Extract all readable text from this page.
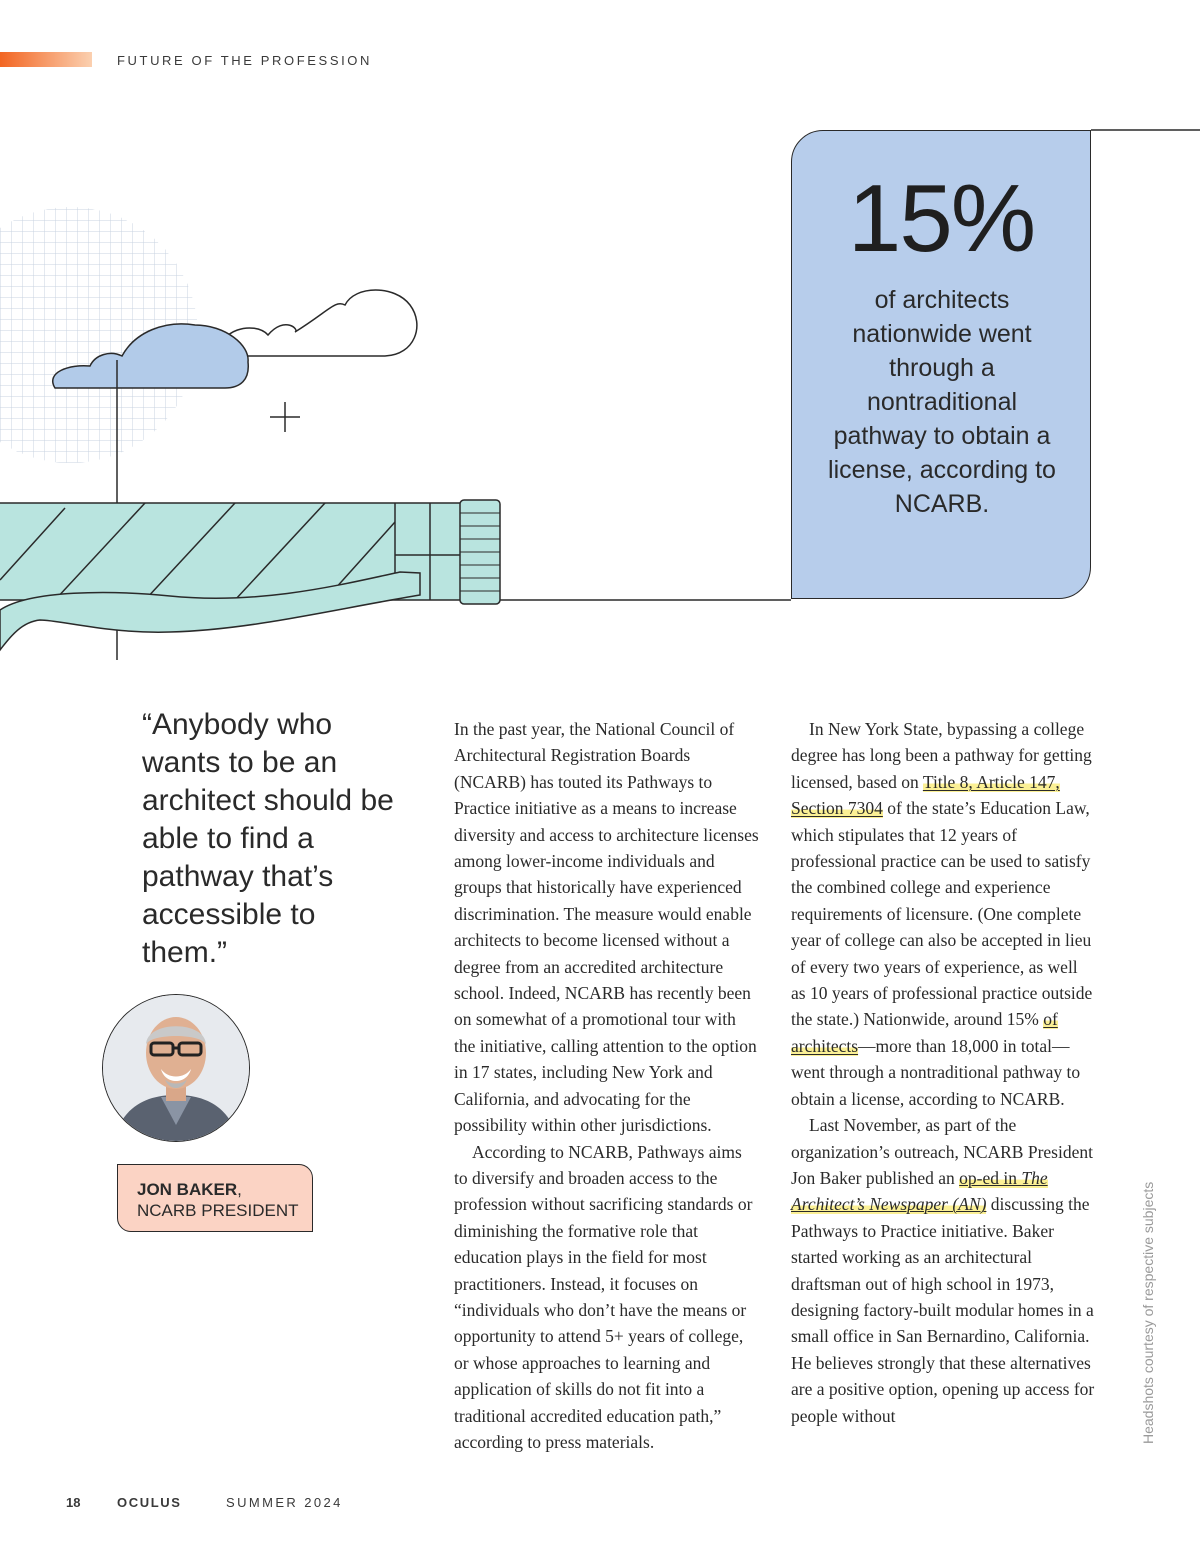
FUTURE OF THE PROFESSION
15%
of architects nationwide went through a nontraditional pathway to obtain a license, according to NCARB.
“Anybody who wants to be an architect should be able to find a pathway that’s accessible to them.”
JON BAKER,
NCARB PRESIDENT

In the past year, the National Council of Architectural Registration Boards (NCARB) has touted its Pathways to Practice initiative as a means to increase diversity and access to architecture licenses among lower-income individuals and groups that historically have experienced discrimination. The measure would enable architects to become licensed without a degree from an accredited architecture school. Indeed, NCARB has recently been on somewhat of a promotional tour with the initiative, calling attention to the option in 17 states, including New York and California, and advocating for the possibility within other jurisdictions.

According to NCARB, Pathways aims to diversify and broaden access to the profession without sacrificing standards or diminishing the formative role that education plays in the field for most practitioners. Instead, it focuses on “individuals who don’t have the means or opportunity to attend 5+ years of college, or whose approaches to learning and application of skills do not fit into a traditional accredited education path,” according to press materials.

In New York State, bypassing a college degree has long been a pathway for getting licensed, based on Title 8, Article 147, Section 7304 of the state’s Education Law, which stipulates that 12 years of professional practice can be used to satisfy the combined college and experience requirements of licensure. (One complete year of college can also be accepted in lieu of every two years of experience, as well as 10 years of professional practice outside the state.) Nationwide, around 15% of architects—more than 18,000 in total—went through a nontraditional pathway to obtain a license, according to NCARB.

Last November, as part of the organization’s outreach, NCARB President Jon Baker published an op-ed in The Architect’s Newspaper (AN) discussing the Pathways to Practice initiative. Baker started working as an architectural draftsman out of high school in 1973, designing factory-built modular homes in a small office in San Bernardino, California. He believes strongly that these alternatives are a positive option, opening up access for people without	Headshots courtesy of respective subjects
18	OCULUS	SUMMER 2024
